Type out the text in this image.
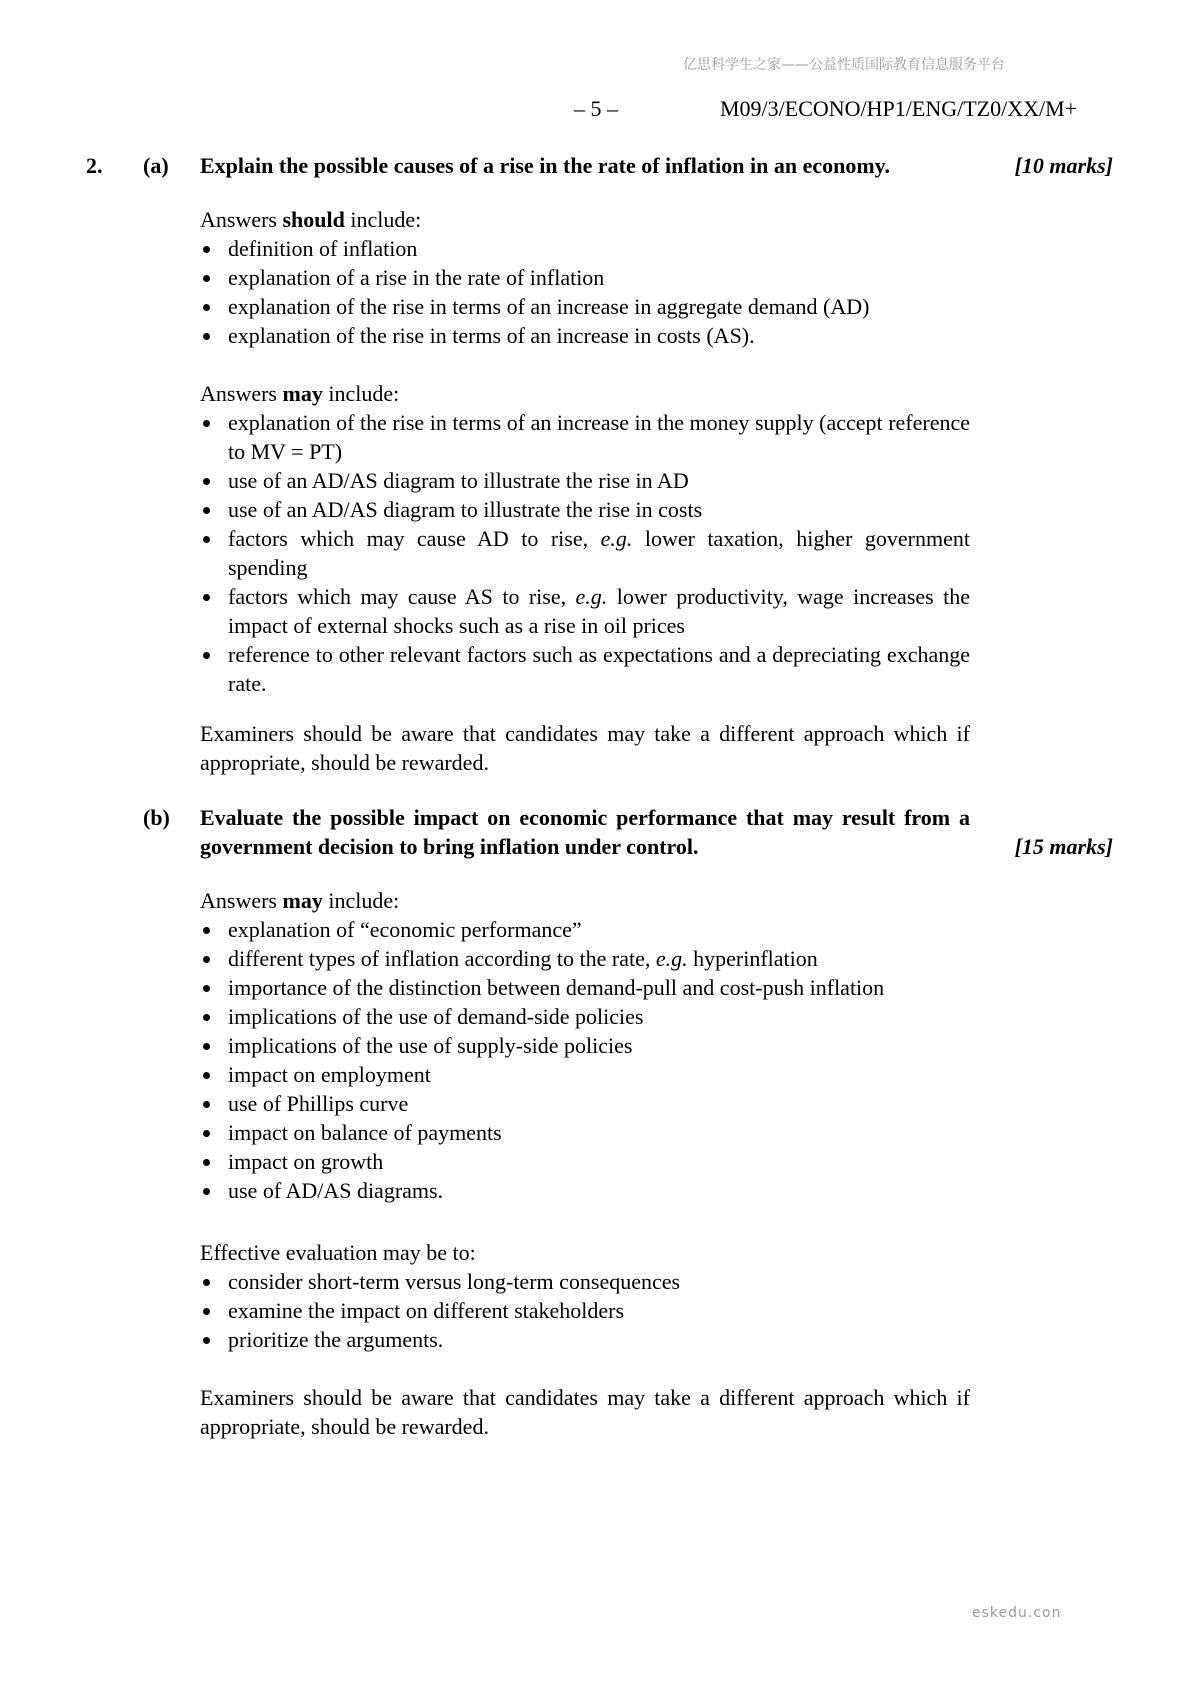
亿思科学生之家——公益性质国际教育信息服务平台
– 5 –	M09/3/ECONO/HP1/ENG/TZ0/XX/M+
2. (a) Explain the possible causes of a rise in the rate of inflation in an economy.	[10 marks]

Answers should include:

definition of inflation
explanation of a rise in the rate of inflation
explanation of the rise in terms of an increase in aggregate demand (AD)
explanation of the rise in terms of an increase in costs (AS).

Answers may include:

explanation of the rise in terms of an increase in the money supply (accept reference to MV = PT)
use of an AD/AS diagram to illustrate the rise in AD
use of an AD/AS diagram to illustrate the rise in costs
factors which may cause AD to rise, e.g. lower taxation, higher government spending
factors which may cause AS to rise, e.g. lower productivity, wage increases the impact of external shocks such as a rise in oil prices
reference to other relevant factors such as expectations and a depreciating exchange rate.

Examiners should be aware that candidates may take a different approach which if appropriate, should be rewarded.

(b) Evaluate the possible impact on economic performance that may result from a government decision to bring inflation under control.	[15 marks]

Answers may include:

explanation of “economic performance”
different types of inflation according to the rate, e.g. hyperinflation
importance of the distinction between demand-pull and cost-push inflation
implications of the use of demand-side policies
implications of the use of supply-side policies
impact on employment
use of Phillips curve
impact on balance of payments
impact on growth
use of AD/AS diagrams.

Effective evaluation may be to:

consider short-term versus long-term consequences
examine the impact on different stakeholders
prioritize the arguments.

Examiners should be aware that candidates may take a different approach which if appropriate, should be rewarded.

eskedu.con
